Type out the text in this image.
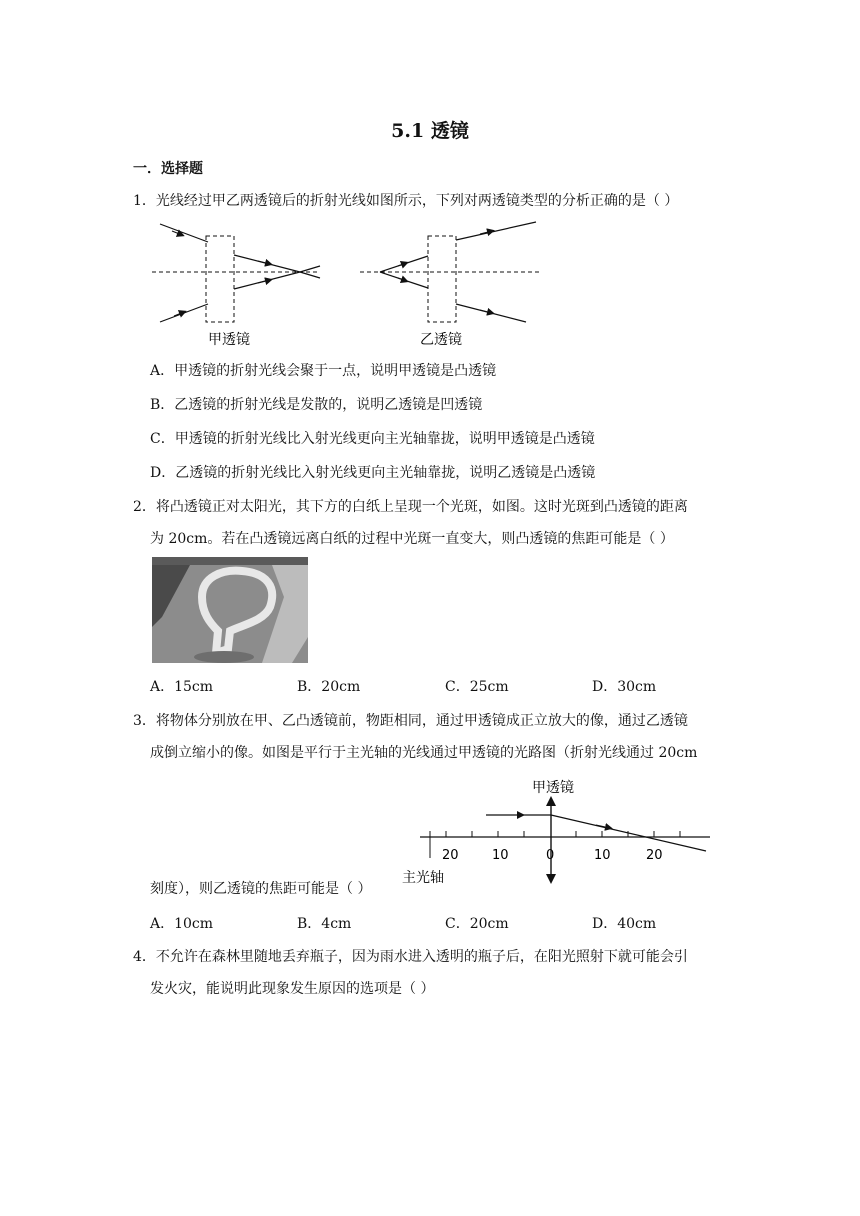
5.1 透镜
一．选择题
1．光线经过甲乙两透镜后的折射光线如图所示，下列对两透镜类型的分析正确的是（ ）
甲透镜	乙透镜
A．甲透镜的折射光线会聚于一点，说明甲透镜是凸透镜
B．乙透镜的折射光线是发散的，说明乙透镜是凹透镜
C．甲透镜的折射光线比入射光线更向主光轴靠拢，说明甲透镜是凸透镜
D．乙透镜的折射光线比入射光线更向主光轴靠拢，说明乙透镜是凸透镜
2．将凸透镜正对太阳光，其下方的白纸上呈现一个光斑，如图。这时光斑到凸透镜的距离
为 20cm。若在凸透镜远离白纸的过程中光斑一直变大，则凸透镜的焦距可能是（ ）
A．15cm	B．20cm	C．25cm	D．30cm
3．将物体分别放在甲、乙凸透镜前，物距相同，通过甲透镜成正立放大的像，通过乙透镜
成倒立缩小的像。如图是平行于主光轴的光线通过甲透镜的光路图（折射光线通过 20cm
甲透镜
20	10	0	10	20
主光轴
刻度），则乙透镜的焦距可能是（ ）
A．10cm	B．4cm	C．20cm	D．40cm
4．不允许在森林里随地丢弃瓶子，因为雨水进入透明的瓶子后，在阳光照射下就可能会引
发火灾，能说明此现象发生原因的选项是（ ）
